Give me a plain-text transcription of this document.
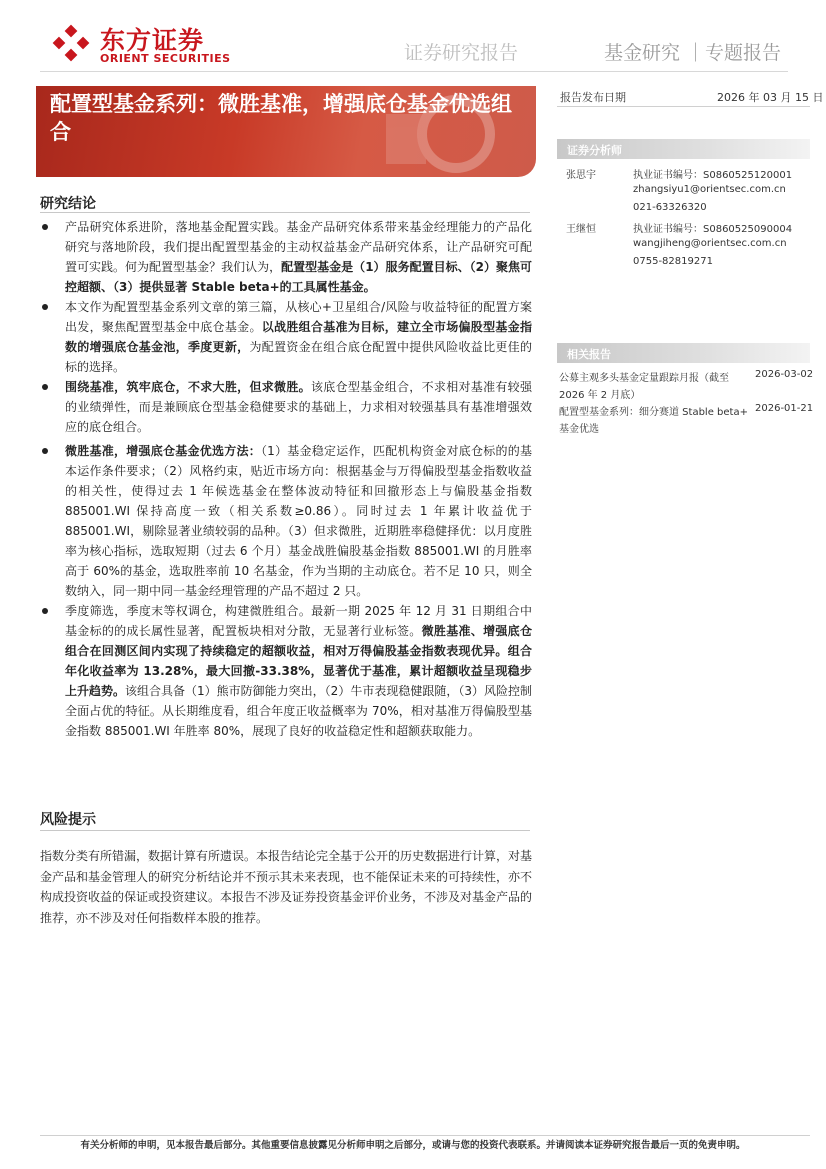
东方证券
ORIENT SECURITIES	证券研究报告	基金研究 ｜专题报告
配置型基金系列：微胜基准，增强底仓基金优选组合
报告发布日期	2026 年 03 月 15 日
证券分析师
张思宇	执业证书编号：S0860525120001
zhangsiyu1@orientsec.com.cn
021-63326320
王继恒	执业证书编号：S0860525090004
wangjiheng@orientsec.com.cn
0755-82819271
相关报告
公募主观多头基金定量跟踪月报（截至	2026-03-02
2026 年 2 月底）
配置型基金系列：细分赛道 Stable beta+ 2026-01-21
基金优选
研究结论
产品研究体系进阶，落地基金配置实践。基金产品研究体系带来基金经理能力的产品化研究与落地阶段，我们提出配置型基金的主动权益基金产品研究体系，让产品研究可配置可实践。何为配置型基金？我们认为，配置型基金是（1）服务配置目标、（2）聚焦可控超额、（3）提供显著 Stable beta+的工具属性基金。
本文作为配置型基金系列文章的第三篇，从核心+卫星组合/风险与收益特征的配置方案出发，聚焦配置型基金中底仓基金。以战胜组合基准为目标，建立全市场偏股型基金指数的增强底仓基金池，季度更新，为配置资金在组合底仓配置中提供风险收益比更佳的标的选择。
围绕基准，筑牢底仓，不求大胜，但求微胜。该底仓型基金组合，不求相对基准有较强的业绩弹性，而是兼顾底仓型基金稳健要求的基础上，力求相对较强基具有基准增强效应的底仓组合。
微胜基准，增强底仓基金优选方法：（1）基金稳定运作，匹配机构资金对底仓标的的基本运作条件要求；（2）风格约束，贴近市场方向：根据基金与万得偏股型基金指数收益的相关性，使得过去 1 年候选基金在整体波动特征和回撤形态上与偏股基金指数 885001.WI 保持高度一致（相关系数≥0.86）。同时过去 1 年累计收益优于885001.WI，剔除显著业绩较弱的品种。（3）但求微胜，近期胜率稳健择优：以月度胜率为核心指标，选取短期（过去 6 个月）基金战胜偏股基金指数 885001.WI 的月胜率高于 60%的基金，选取胜率前 10 名基金，作为当期的主动底仓。若不足 10 只，则全数纳入，同一期中同一基金经理管理的产品不超过 2 只。
季度筛选，季度末等权调仓，构建微胜组合。最新一期 2025 年 12 月 31 日期组合中基金标的的成长属性显著，配置板块相对分散，无显著行业标签。微胜基准、增强底仓组合在回测区间内实现了持续稳定的超额收益，相对万得偏股基金指数表现优异。组合年化收益率为 13.28%，最大回撤-33.38%，显著优于基准，累计超额收益呈现稳步上升趋势。该组合具备（1）熊市防御能力突出，（2）牛市表现稳健跟随，（3）风险控制全面占优的特征。从长期维度看，组合年度正收益概率为 70%，相对基准万得偏股型基金指数 885001.WI 年胜率 80%，展现了良好的收益稳定性和超额获取能力。
风险提示
指数分类有所错漏，数据计算有所遗误。本报告结论完全基于公开的历史数据进行计算，对基金产品和基金管理人的研究分析结论并不预示其未来表现，也不能保证未来的可持续性，亦不构成投资收益的保证或投资建议。本报告不涉及证券投资基金评价业务，不涉及对基金产品的推荐，亦不涉及对任何指数样本股的推荐。
有关分析师的申明，见本报告最后部分。其他重要信息披露见分析师申明之后部分，或请与您的投资代表联系。并请阅读本证券研究报告最后一页的免责申明。
